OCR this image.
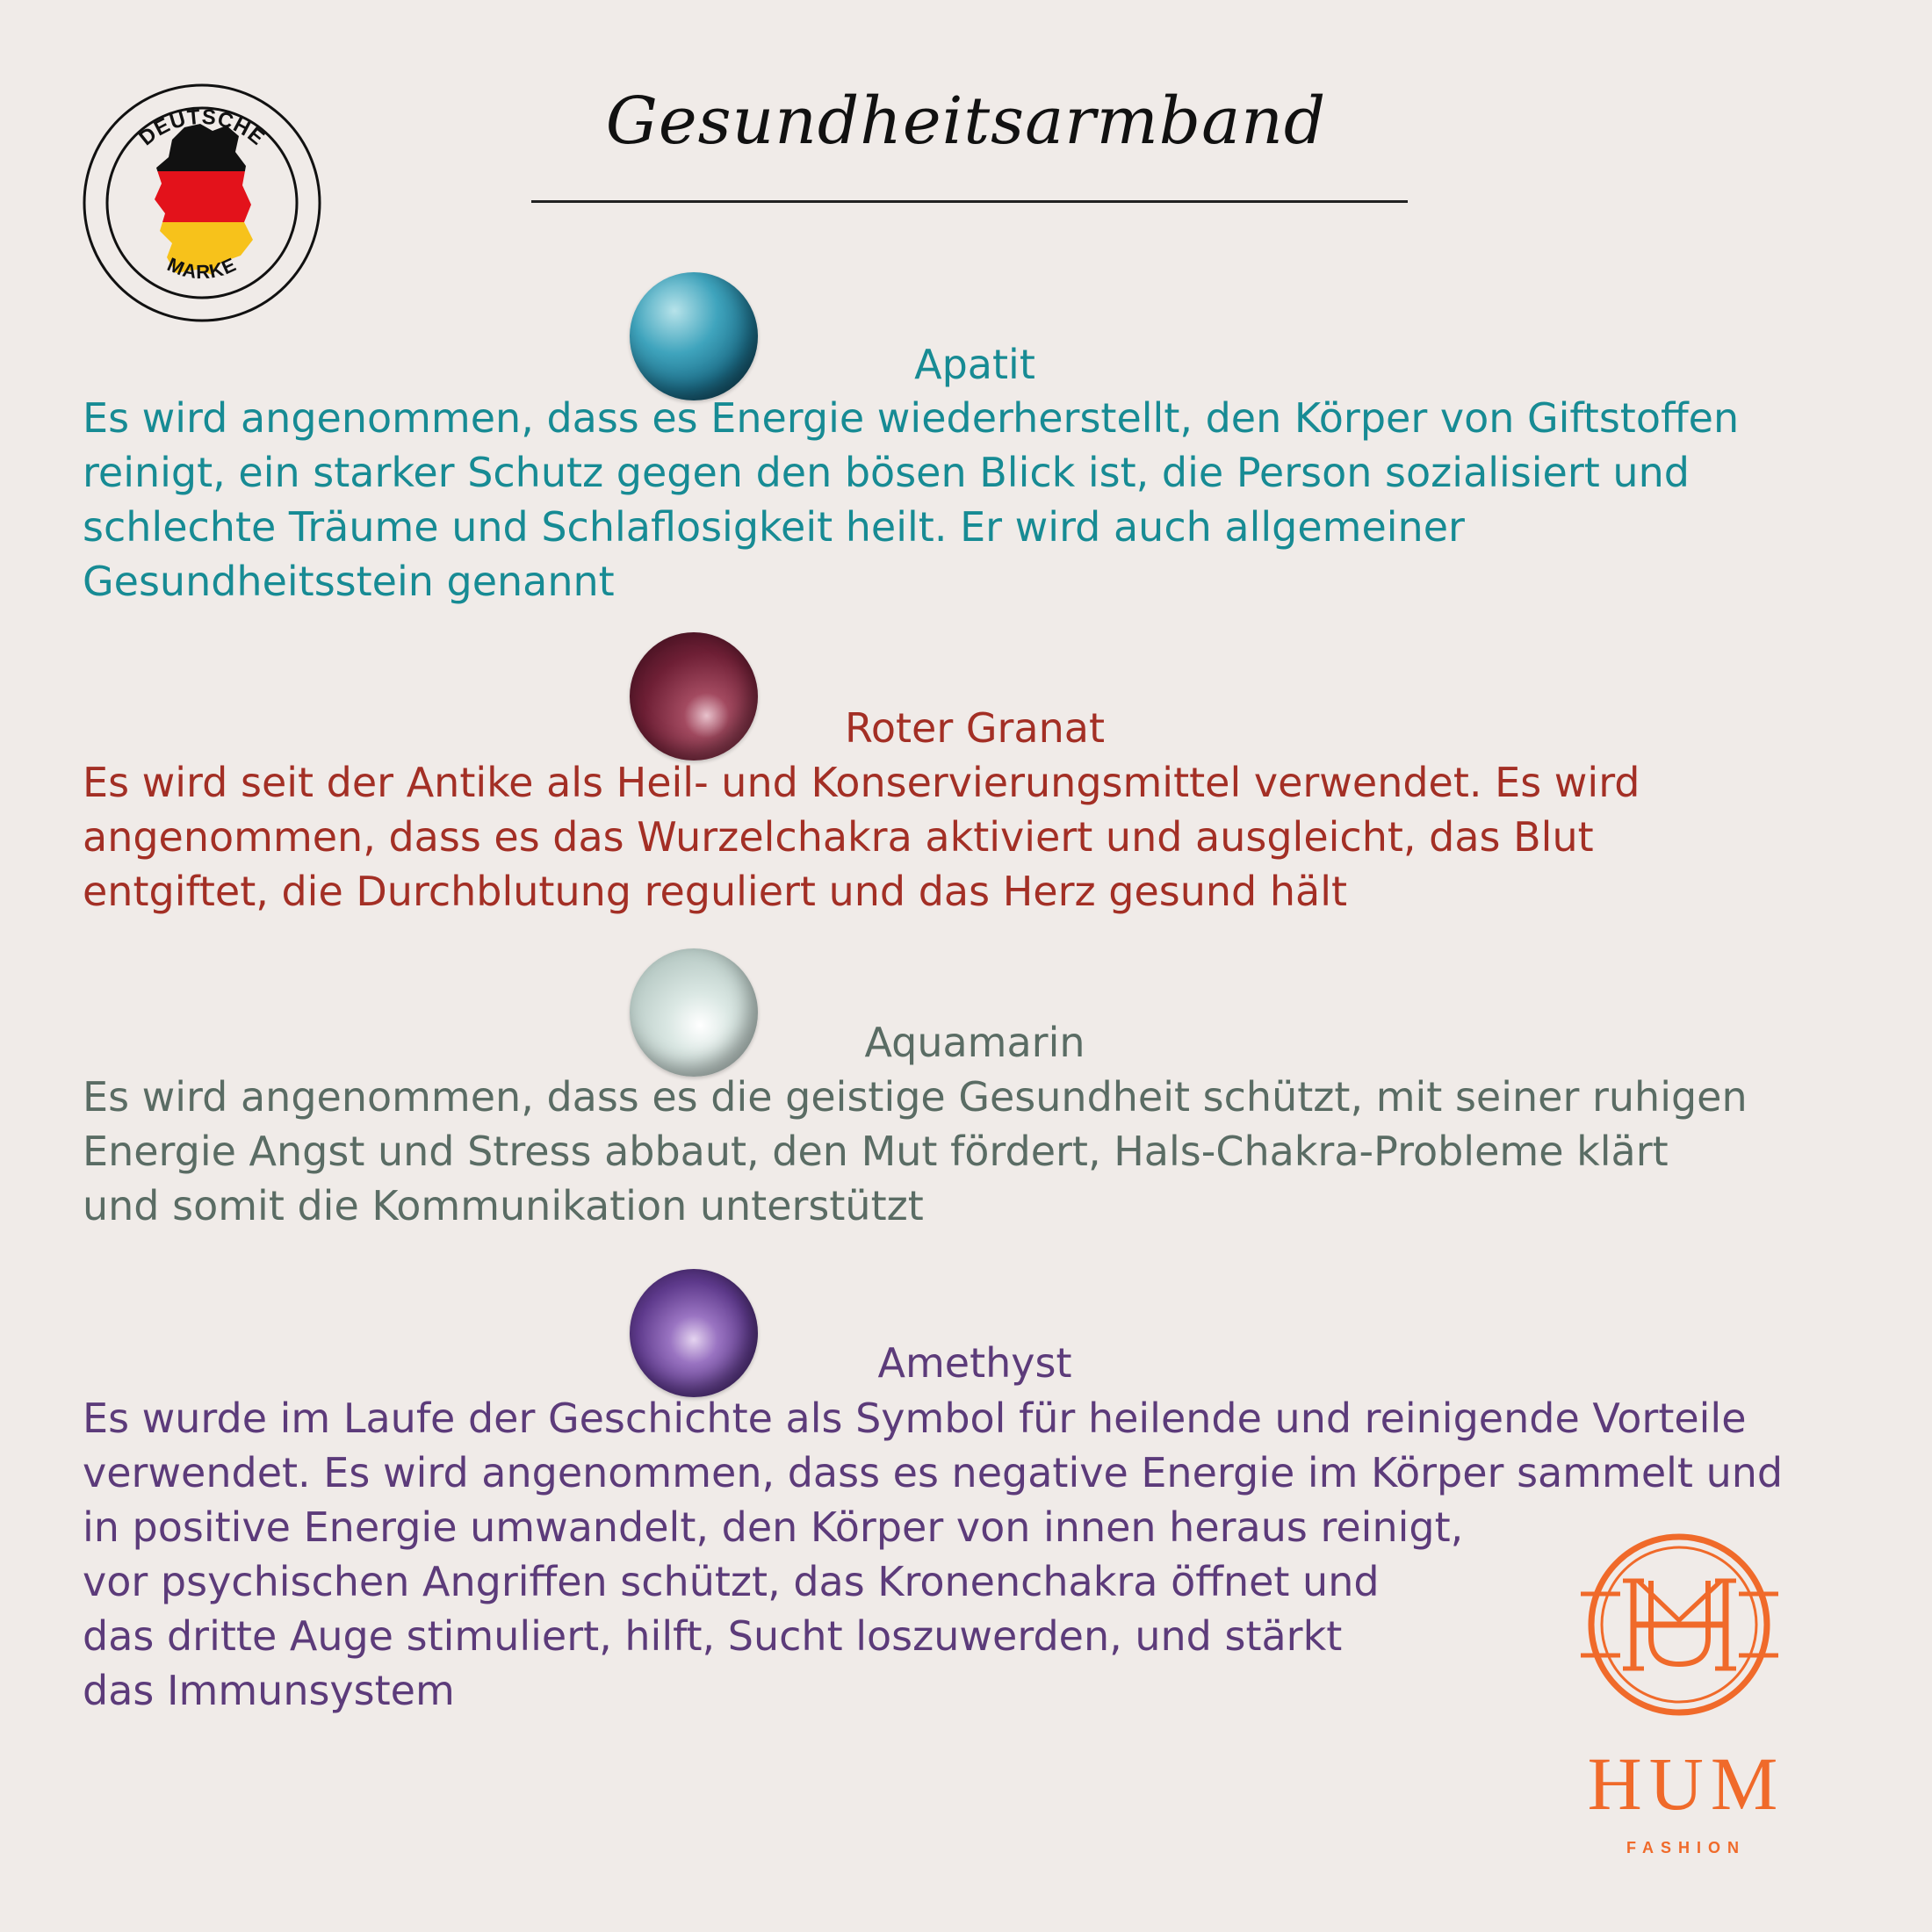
Gesundheitsarmband
DEUTSCHE
MARKE
Apatit

Es wird angenommen, dass es Energie wiederherstellt, den Körper von Giftstoffen
reinigt, ein starker Schutz gegen den bösen Blick ist, die Person sozialisiert und
schlechte Träume und Schlaflosigkeit heilt. Er wird auch allgemeiner
Gesundheitsstein genannt

Roter Granat

Es wird seit der Antike als Heil- und Konservierungsmittel verwendet. Es wird
angenommen, dass es das Wurzelchakra aktiviert und ausgleicht, das Blut
entgiftet, die Durchblutung reguliert und das Herz gesund hält

Aquamarin

Es wird angenommen, dass es die geistige Gesundheit schützt, mit seiner ruhigen
Energie Angst und Stress abbaut, den Mut fördert, Hals-Chakra-Probleme klärt
und somit die Kommunikation unterstützt

Amethyst

Es wurde im Laufe der Geschichte als Symbol für heilende und reinigende Vorteile
verwendet. Es wird angenommen, dass es negative Energie im Körper sammelt und
in positive Energie umwandelt, den Körper von innen heraus reinigt,
vor psychischen Angriffen schützt, das Kronenchakra öffnet und
das dritte Auge stimuliert, hilft, Sucht loszuwerden, und stärkt
das Immunsystem

HUM
FASHION
